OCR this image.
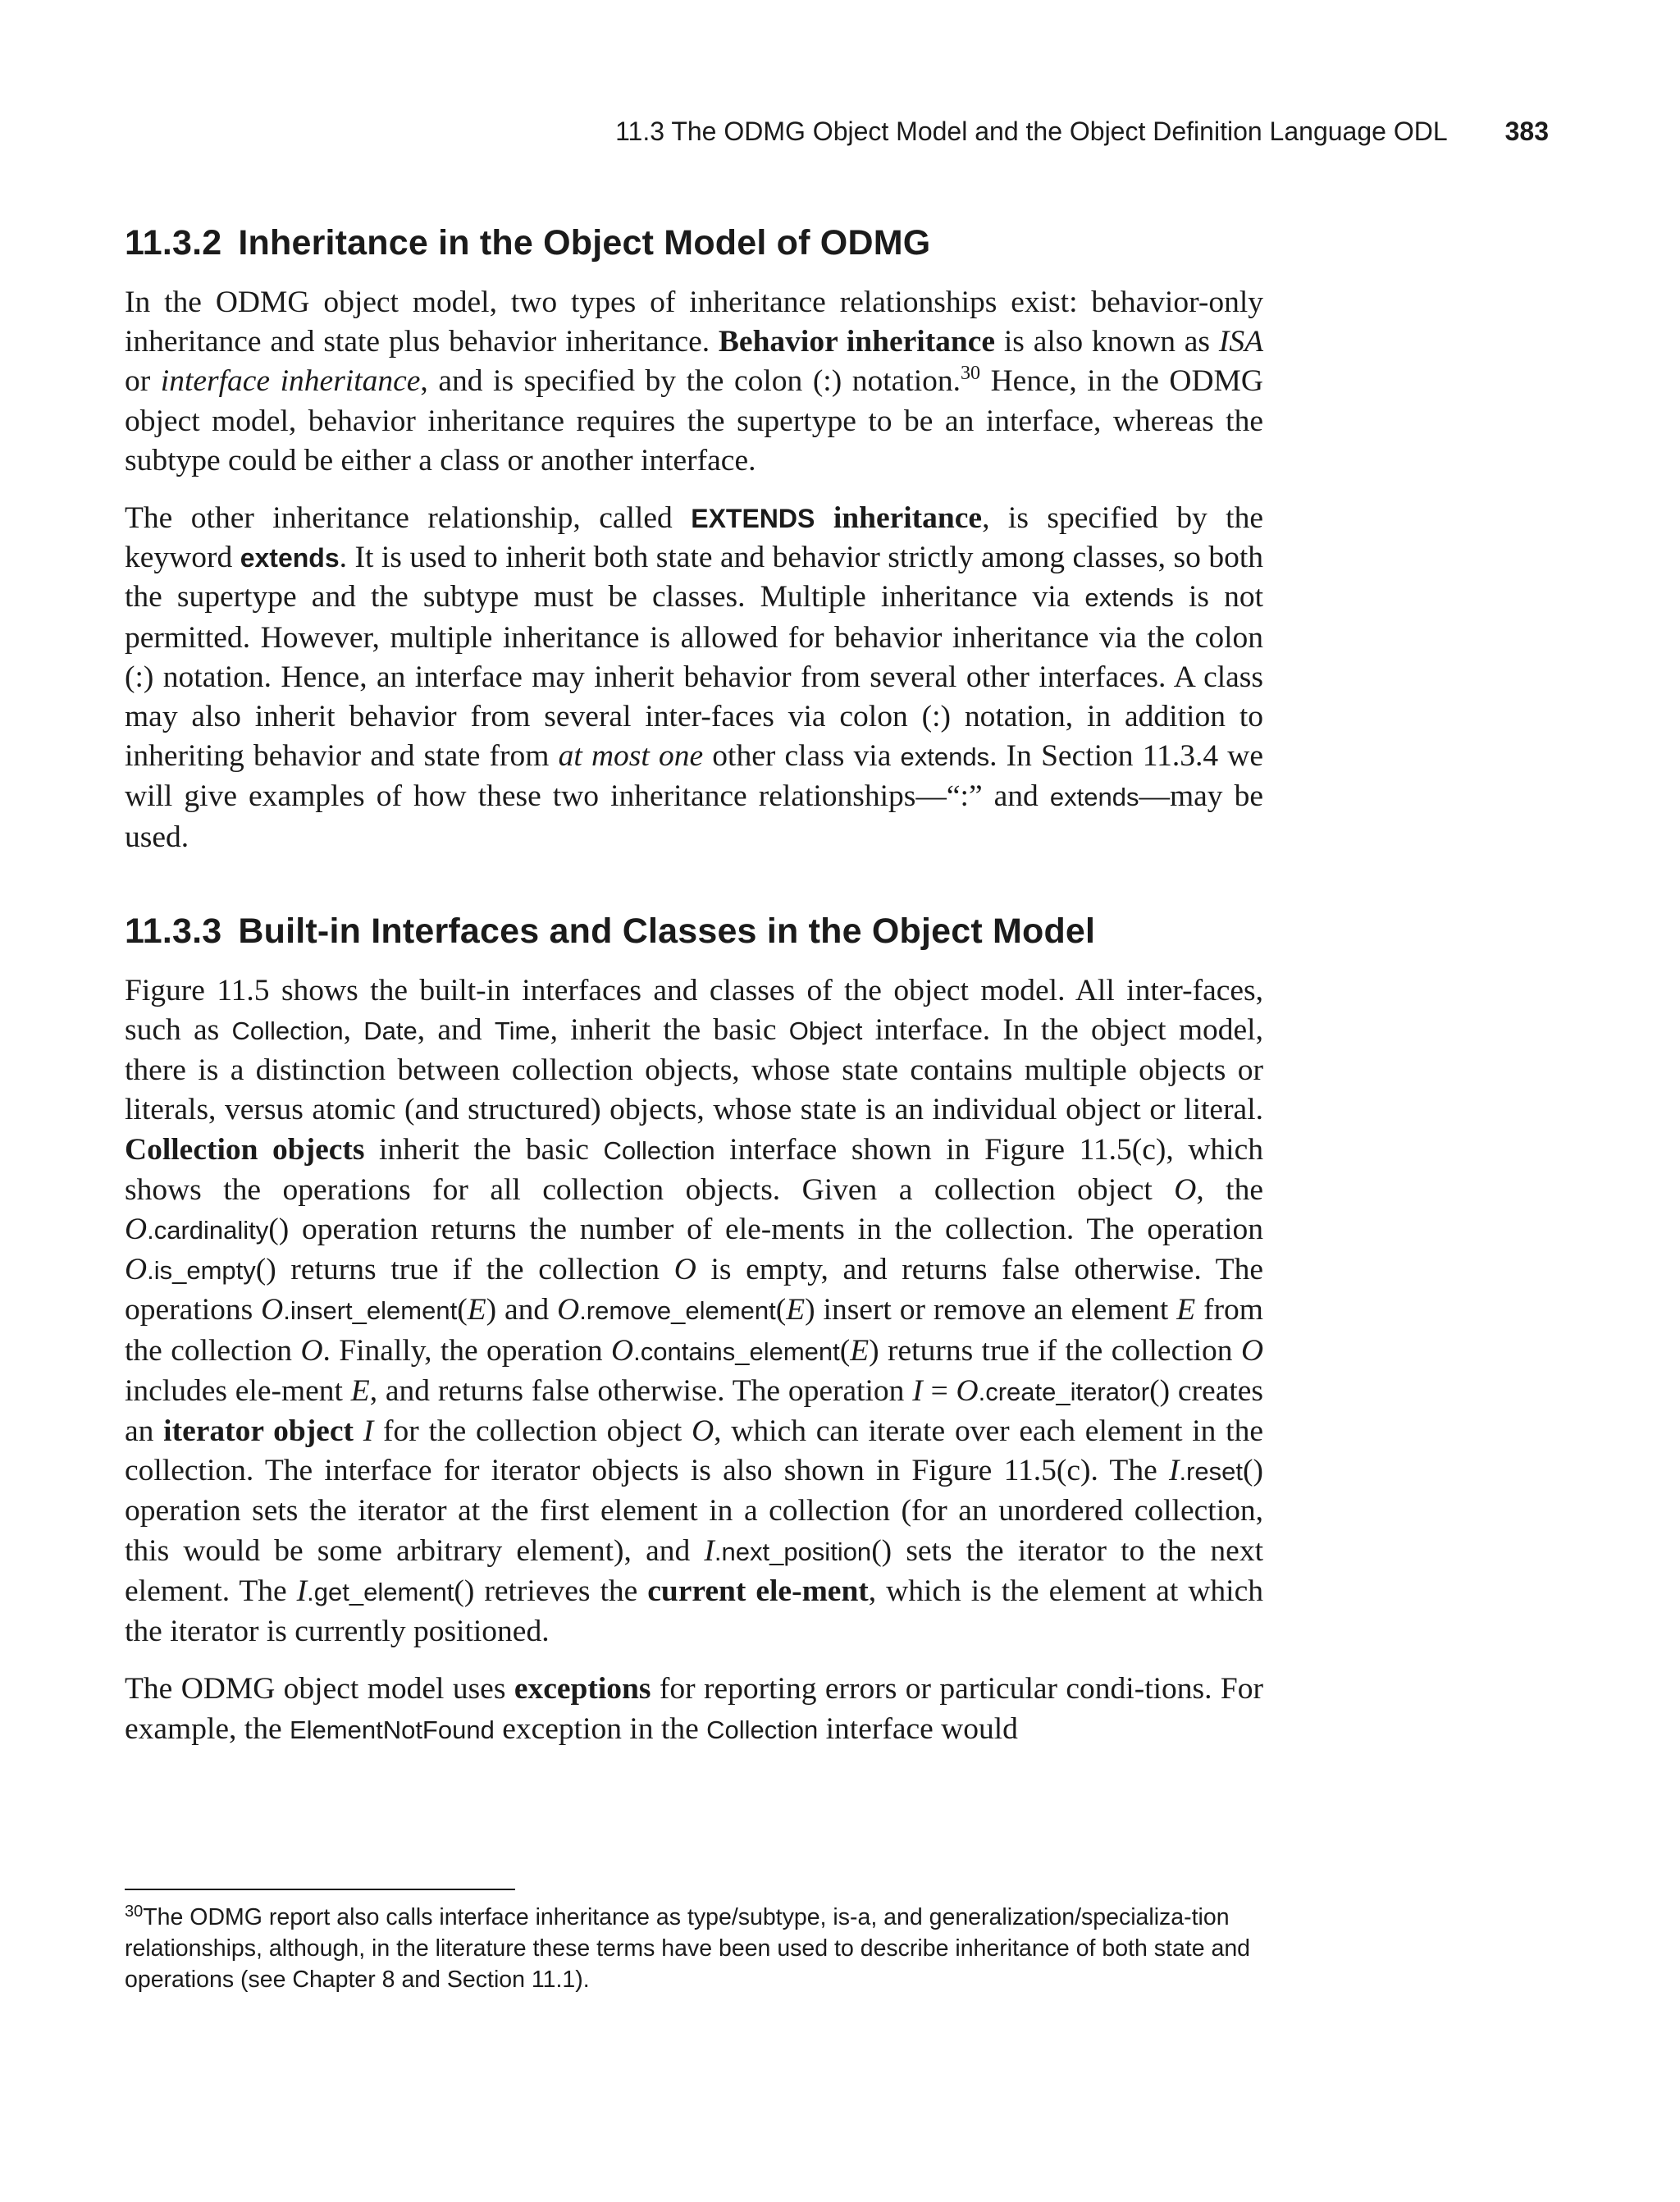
11.3 The ODMG Object Model and the Object Definition Language ODL 383
11.3.2 Inheritance in the Object Model of ODMG

In the ODMG object model, two types of inheritance relationships exist: behavior-only inheritance and state plus behavior inheritance. Behavior inheritance is also known as ISA or interface inheritance, and is specified by the colon (:) notation.$^{30}$ Hence, in the ODMG object model, behavior inheritance requires the supertype to be an interface, whereas the subtype could be either a class or another interface.

The other inheritance relationship, called EXTENDS inheritance, is specified by the keyword extends. It is used to inherit both state and behavior strictly among classes, so both the supertype and the subtype must be classes. Multiple inheritance via extends is not permitted. However, multiple inheritance is allowed for behavior inheritance via the colon (:) notation. Hence, an interface may inherit behavior from several other interfaces. A class may also inherit behavior from several inter-faces via colon (:) notation, in addition to inheriting behavior and state from at most one other class via extends. In Section 11.3.4 we will give examples of how these two inheritance relationships—“:” and extends—may be used.

11.3.3 Built-in Interfaces and Classes in the Object Model

Figure 11.5 shows the built-in interfaces and classes of the object model. All inter-faces, such as Collection, Date, and Time, inherit the basic Object interface. In the object model, there is a distinction between collection objects, whose state contains multiple objects or literals, versus atomic (and structured) objects, whose state is an individual object or literal. Collection objects inherit the basic Collection interface shown in Figure 11.5(c), which shows the operations for all collection objects. Given a collection object O, the O.cardinality() operation returns the number of ele-ments in the collection. The operation O.is_empty() returns true if the collection O is empty, and returns false otherwise. The operations O.insert_element(E) and O.remove_element(E) insert or remove an element E from the collection O. Finally, the operation O.contains_element(E) returns true if the collection O includes ele-ment E, and returns false otherwise. The operation I = O.create_iterator() creates an iterator object I for the collection object O, which can iterate over each element in the collection. The interface for iterator objects is also shown in Figure 11.5(c). The I.reset() operation sets the iterator at the first element in a collection (for an unordered collection, this would be some arbitrary element), and I.next_position() sets the iterator to the next element. The I.get_element() retrieves the current ele-ment, which is the element at which the iterator is currently positioned.

The ODMG object model uses exceptions for reporting errors or particular condi-tions. For example, the ElementNotFound exception in the Collection interface would

$^{30}$The ODMG report also calls interface inheritance as type/subtype, is-a, and generalization/specializa-tion relationships, although, in the literature these terms have been used to describe inheritance of both state and operations (see Chapter 8 and Section 11.1).
